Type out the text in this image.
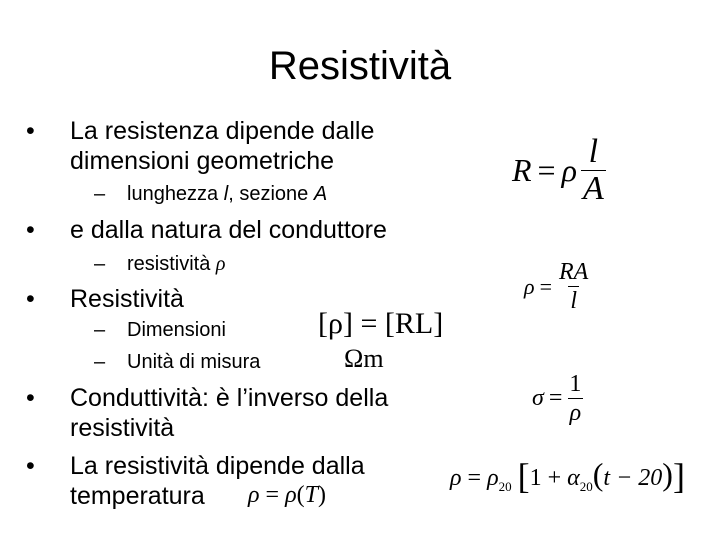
Resistività
• La resistenza dipende dalle
dimensioni geometriche
– lunghezza l, sezione A
• e dalla natura del conduttore
– resistività ρ
• Resistività
– Dimensioni
– Unità di misura
• Conduttività: è l’inverso della
resistività
• La resistività dipende dalla
temperatura	ρ = ρ(T)
R = ρ $\frac{l}{A}$
$\rho = \frac{RA}{l}$
[ρ] = [RL]
Ωm
$\sigma = \frac{1}{\rho}$
$\rho = \rho_{20}$ $[1 + \alpha_{20}(t - 20)]$
